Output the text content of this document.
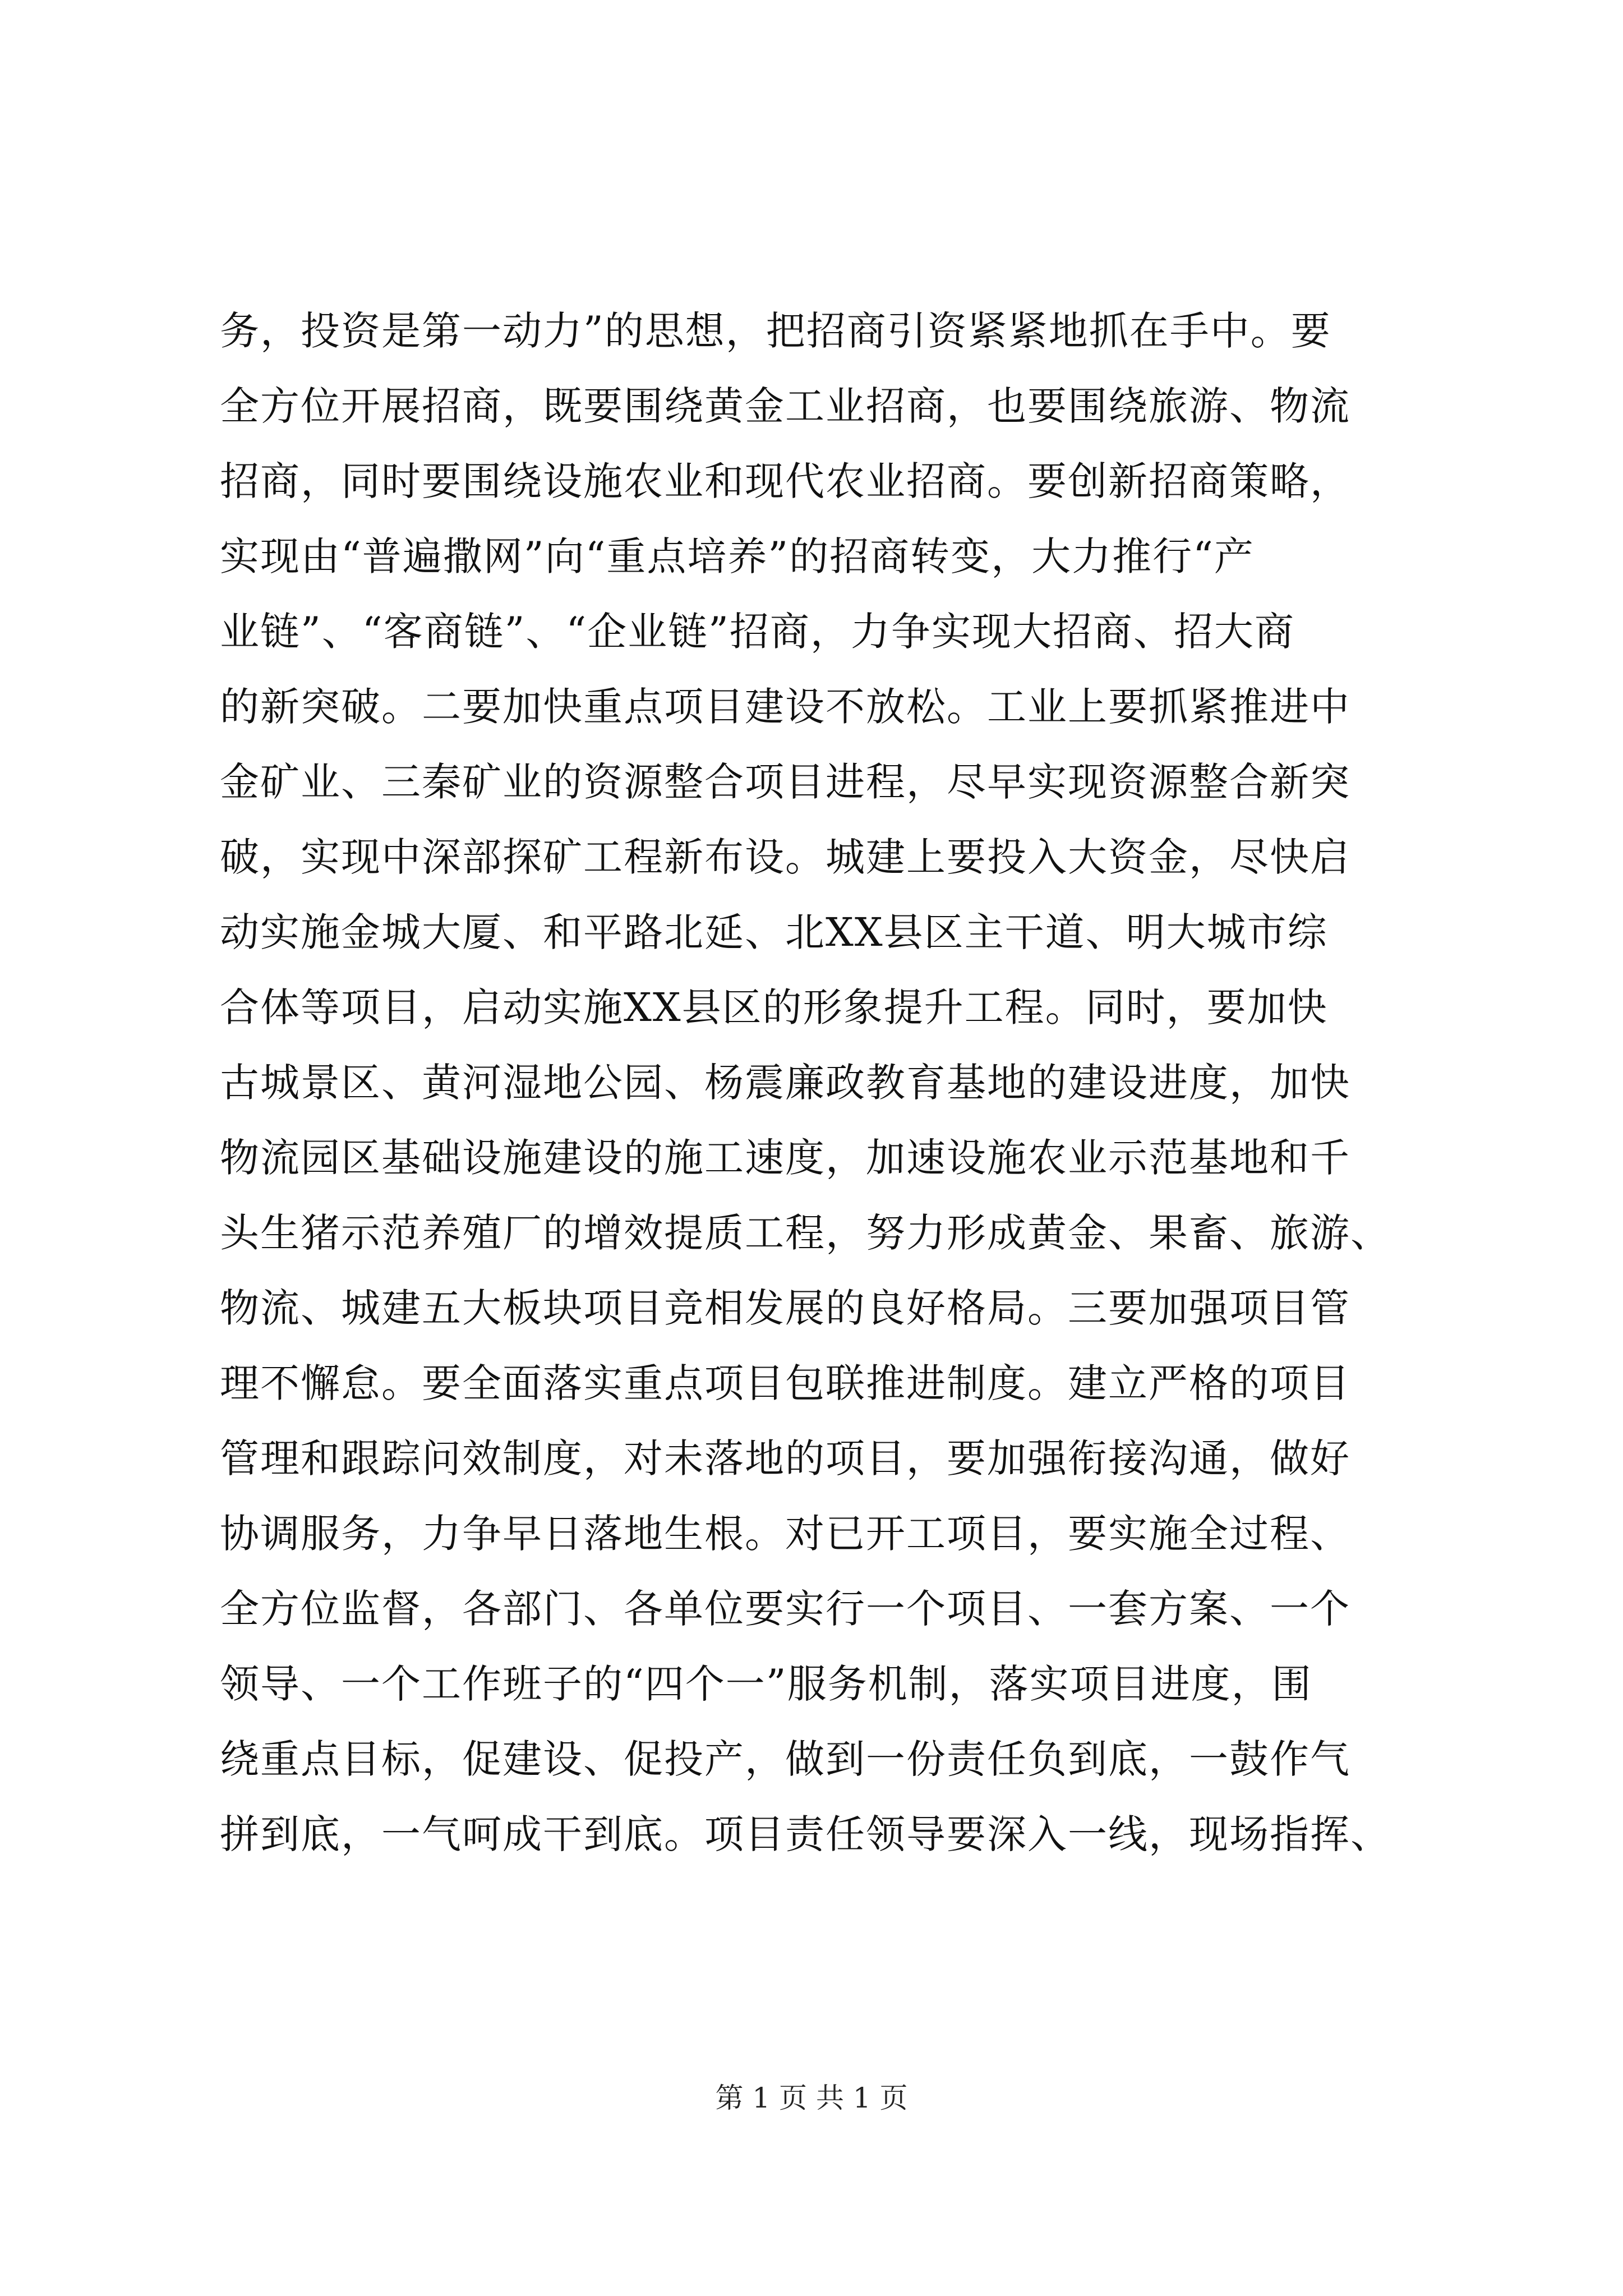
务，投资是第一动力”的思想，把招商引资紧紧地抓在手中。要
全方位开展招商，既要围绕黄金工业招商，也要围绕旅游、物流
招商，同时要围绕设施农业和现代农业招商。要创新招商策略，
实现由“普遍撒网”向“重点培养”的招商转变，大力推行“产
业链”、“客商链”、“企业链”招商，力争实现大招商、招大商
的新突破。二要加快重点项目建设不放松。工业上要抓紧推进中
金矿业、三秦矿业的资源整合项目进程，尽早实现资源整合新突
破，实现中深部探矿工程新布设。城建上要投入大资金，尽快启
动实施金城大厦、和平路北延、北XX县区主干道、明大城市综
合体等项目，启动实施XX县区的形象提升工程。同时，要加快
古城景区、黄河湿地公园、杨震廉政教育基地的建设进度，加快
物流园区基础设施建设的施工速度，加速设施农业示范基地和千
头生猪示范养殖厂的增效提质工程，努力形成黄金、果畜、旅游、
物流、城建五大板块项目竞相发展的良好格局。三要加强项目管
理不懈怠。要全面落实重点项目包联推进制度。建立严格的项目
管理和跟踪问效制度，对未落地的项目，要加强衔接沟通，做好
协调服务，力争早日落地生根。对已开工项目，要实施全过程、
全方位监督，各部门、各单位要实行一个项目、一套方案、一个
领导、一个工作班子的“四个一”服务机制，落实项目进度，围
绕重点目标，促建设、促投产，做到一份责任负到底，一鼓作气
拼到底，一气呵成干到底。项目责任领导要深入一线，现场指挥、
第 1 页 共 1 页
